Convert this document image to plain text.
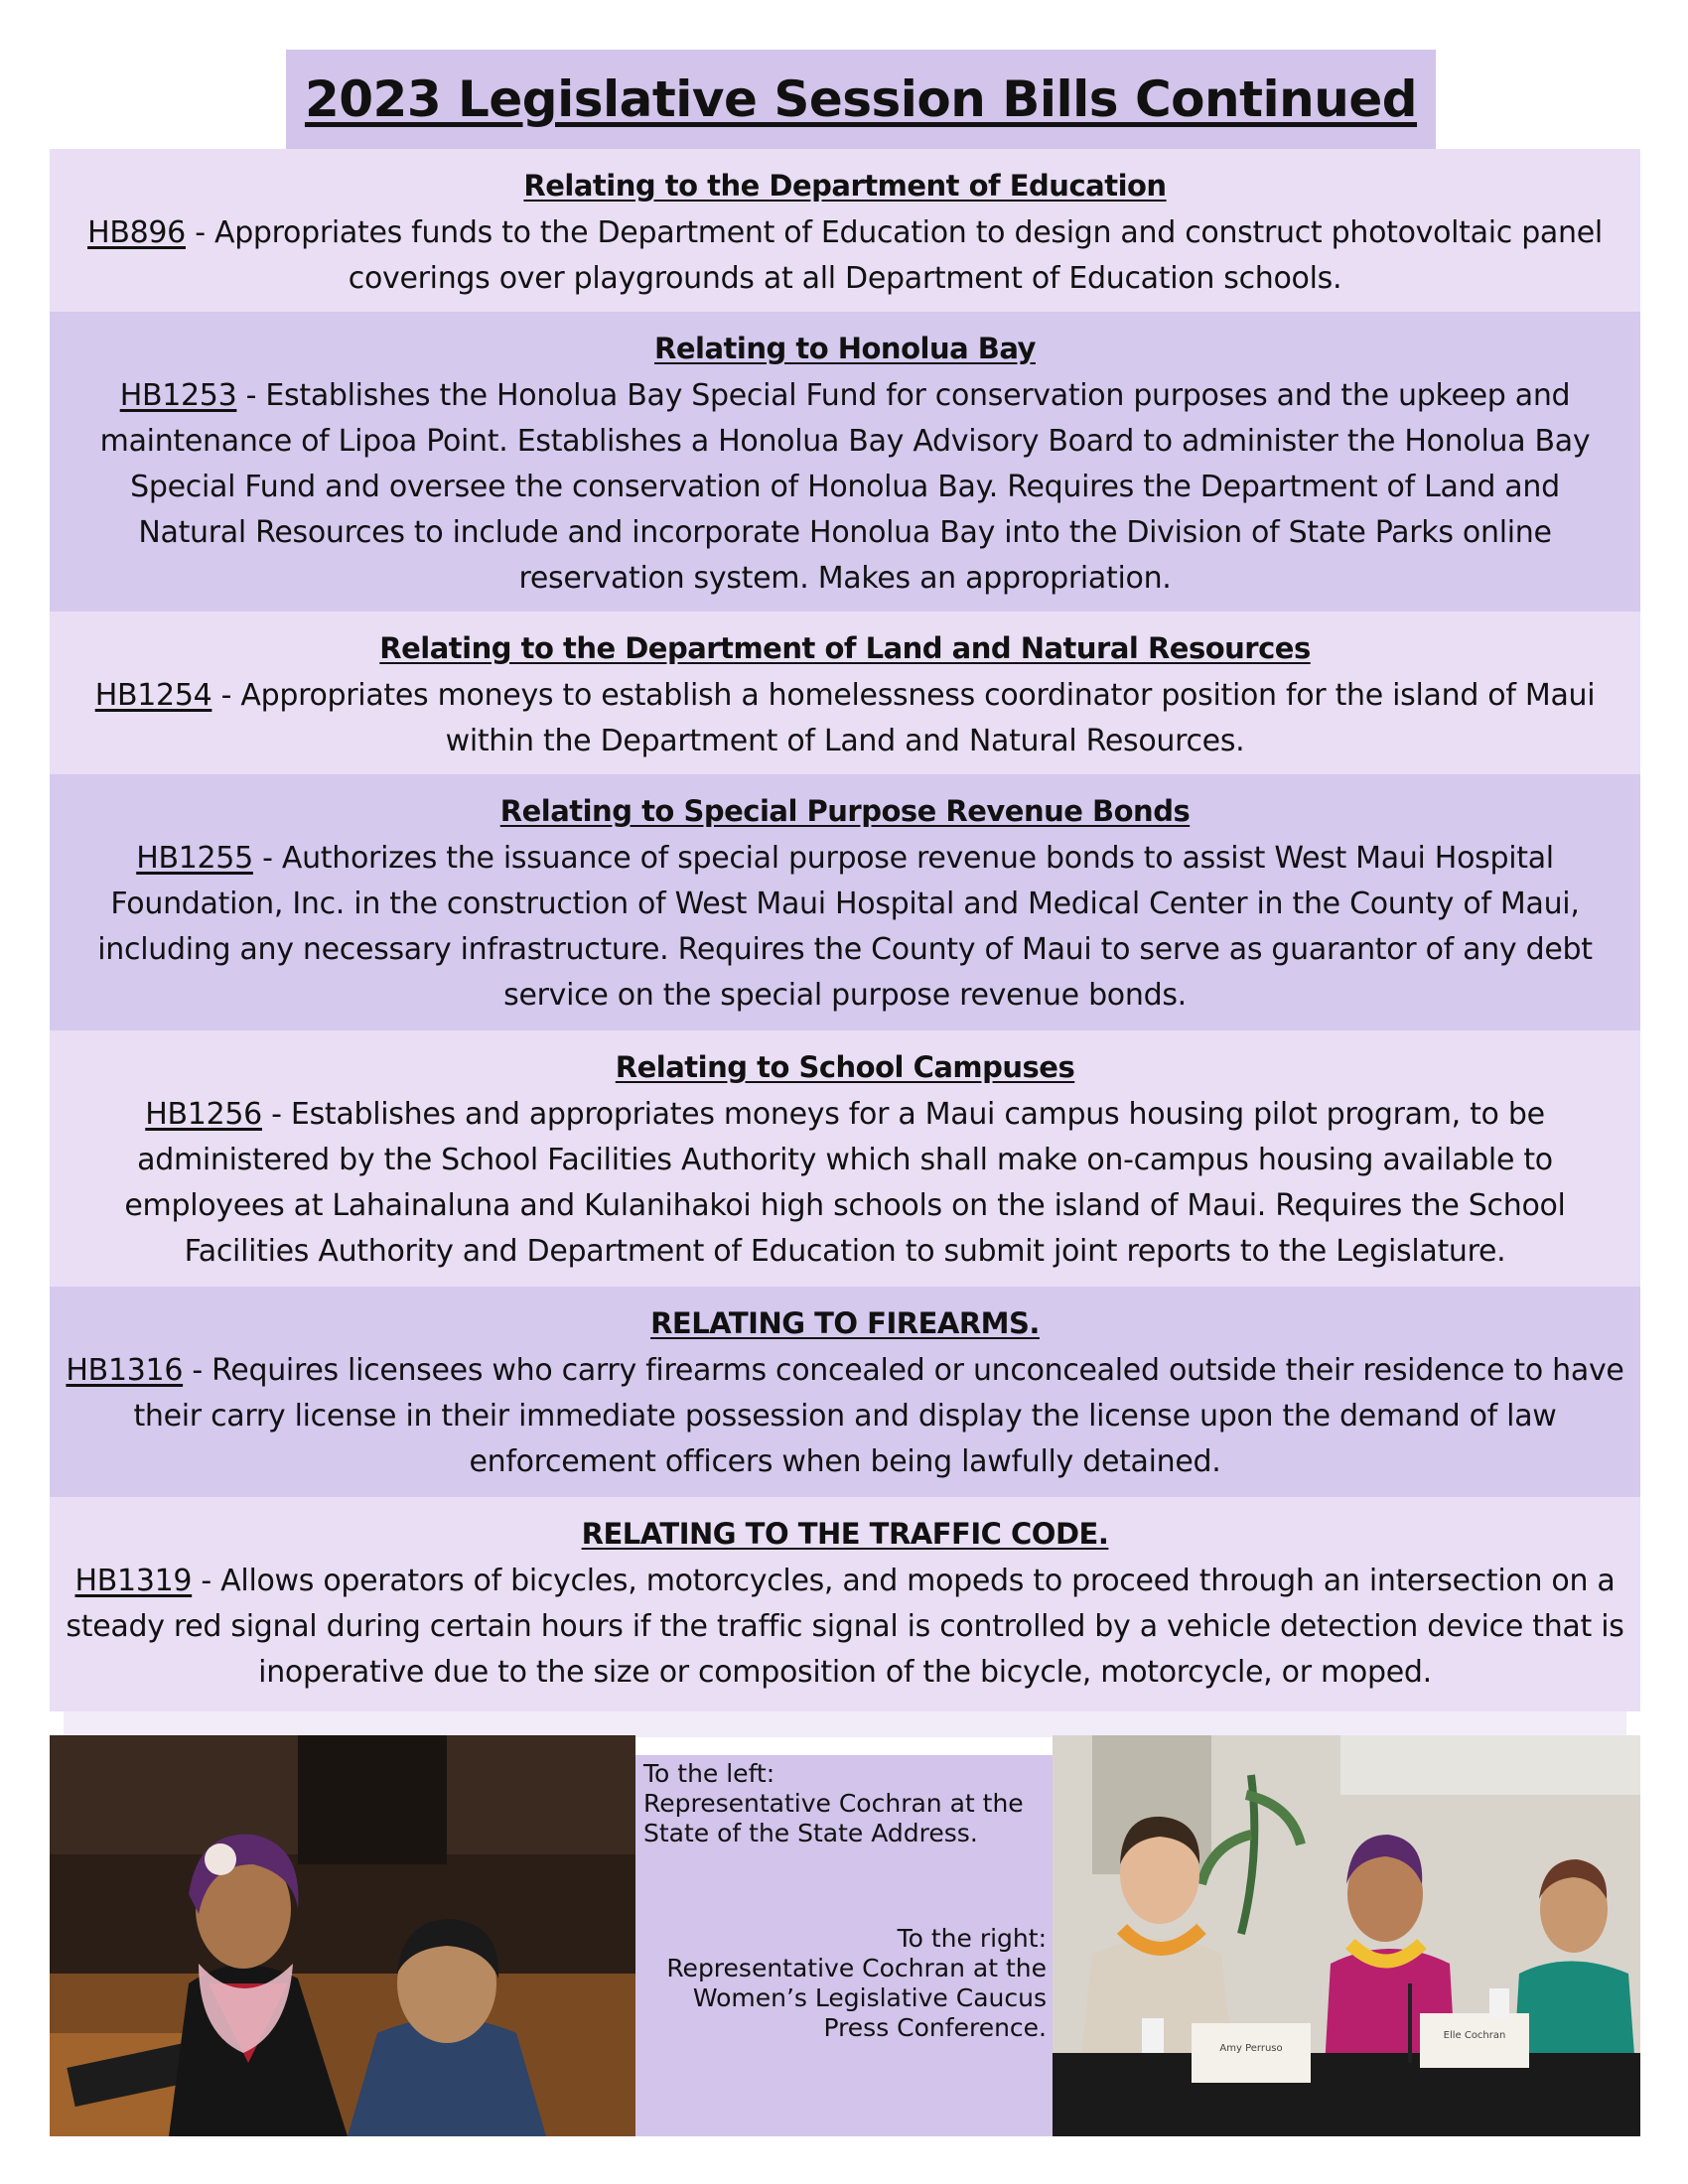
2023 Legislative Session Bills Continued
Relating to the Department of Education

HB896 - Appropriates funds to the Department of Education to design and construct photovoltaic panel coverings over playgrounds at all Department of Education schools.

Relating to Honolua Bay

HB1253 - Establishes the Honolua Bay Special Fund for conservation purposes and the upkeep and maintenance of Lipoa Point. Establishes a Honolua Bay Advisory Board to administer the Honolua Bay Special Fund and oversee the conservation of Honolua Bay. Requires the Department of Land and Natural Resources to include and incorporate Honolua Bay into the Division of State Parks online reservation system. Makes an appropriation.

Relating to the Department of Land and Natural Resources

HB1254 - Appropriates moneys to establish a homelessness coordinator position for the island of Maui within the Department of Land and Natural Resources.

Relating to Special Purpose Revenue Bonds

HB1255 - Authorizes the issuance of special purpose revenue bonds to assist West Maui Hospital Foundation, Inc. in the construction of West Maui Hospital and Medical Center in the County of Maui, including any necessary infrastructure. Requires the County of Maui to serve as guarantor of any debt service on the special purpose revenue bonds.

Relating to School Campuses

HB1256 - Establishes and appropriates moneys for a Maui campus housing pilot program, to be administered by the School Facilities Authority which shall make on-campus housing available to employees at Lahainaluna and Kulanihakoi high schools on the island of Maui. Requires the School Facilities Authority and Department of Education to submit joint reports to the Legislature.

RELATING TO FIREARMS.

HB1316 - Requires licensees who carry firearms concealed or unconcealed outside their residence to have their carry license in their immediate possession and display the license upon the demand of law enforcement officers when being lawfully detained.

RELATING TO THE TRAFFIC CODE.

HB1319 - Allows operators of bicycles, motorcycles, and mopeds to proceed through an intersection on a steady red signal during certain hours if the traffic signal is controlled by a vehicle detection device that is inoperative due to the size or composition of the bicycle, motorcycle, or moped.

To the left:
Representative Cochran at the
State of the State Address.
To the right:
Representative Cochran at the
Women’s Legislative Caucus
Press Conference.
Amy Perruso
Elle Cochran
